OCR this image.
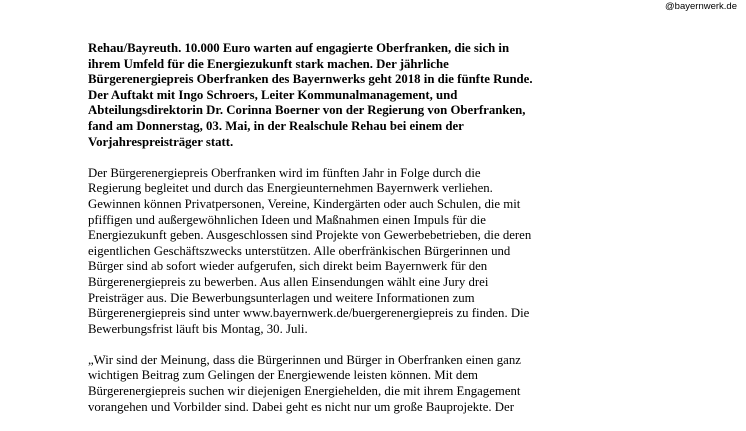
@bayernwerk.de
Rehau/Bayreuth. 10.000 Euro warten auf engagierte Oberfranken, die sich in
ihrem Umfeld für die Energiezukunft stark machen. Der jährliche
Bürgerenergiepreis Oberfranken des Bayernwerks geht 2018 in die fünfte Runde.
Der Auftakt mit Ingo Schroers, Leiter Kommunalmanagement, und
Abteilungsdirektorin Dr. Corinna Boerner von der Regierung von Oberfranken,
fand am Donnerstag, 03. Mai, in der Realschule Rehau bei einem der
Vorjahrespreisträger statt.
Der Bürgerenergiepreis Oberfranken wird im fünften Jahr in Folge durch die
Regierung begleitet und durch das Energieunternehmen Bayernwerk verliehen.
Gewinnen können Privatpersonen, Vereine, Kindergärten oder auch Schulen, die mit
pfiffigen und außergewöhnlichen Ideen und Maßnahmen einen Impuls für die
Energiezukunft geben. Ausgeschlossen sind Projekte von Gewerbebetrieben, die deren
eigentlichen Geschäftszwecks unterstützen. Alle oberfränkischen Bürgerinnen und
Bürger sind ab sofort wieder aufgerufen, sich direkt beim Bayernwerk für den
Bürgerenergiepreis zu bewerben. Aus allen Einsendungen wählt eine Jury drei
Preisträger aus. Die Bewerbungsunterlagen und weitere Informationen zum
Bürgerenergiepreis sind unter www.bayernwerk.de/buergerenergiepreis zu finden. Die
Bewerbungsfrist läuft bis Montag, 30. Juli.
„Wir sind der Meinung, dass die Bürgerinnen und Bürger in Oberfranken einen ganz
wichtigen Beitrag zum Gelingen der Energiewende leisten können. Mit dem
Bürgerenergiepreis suchen wir diejenigen Energiehelden, die mit ihrem Engagement
vorangehen und Vorbilder sind. Dabei geht es nicht nur um große Bauprojekte. Der
